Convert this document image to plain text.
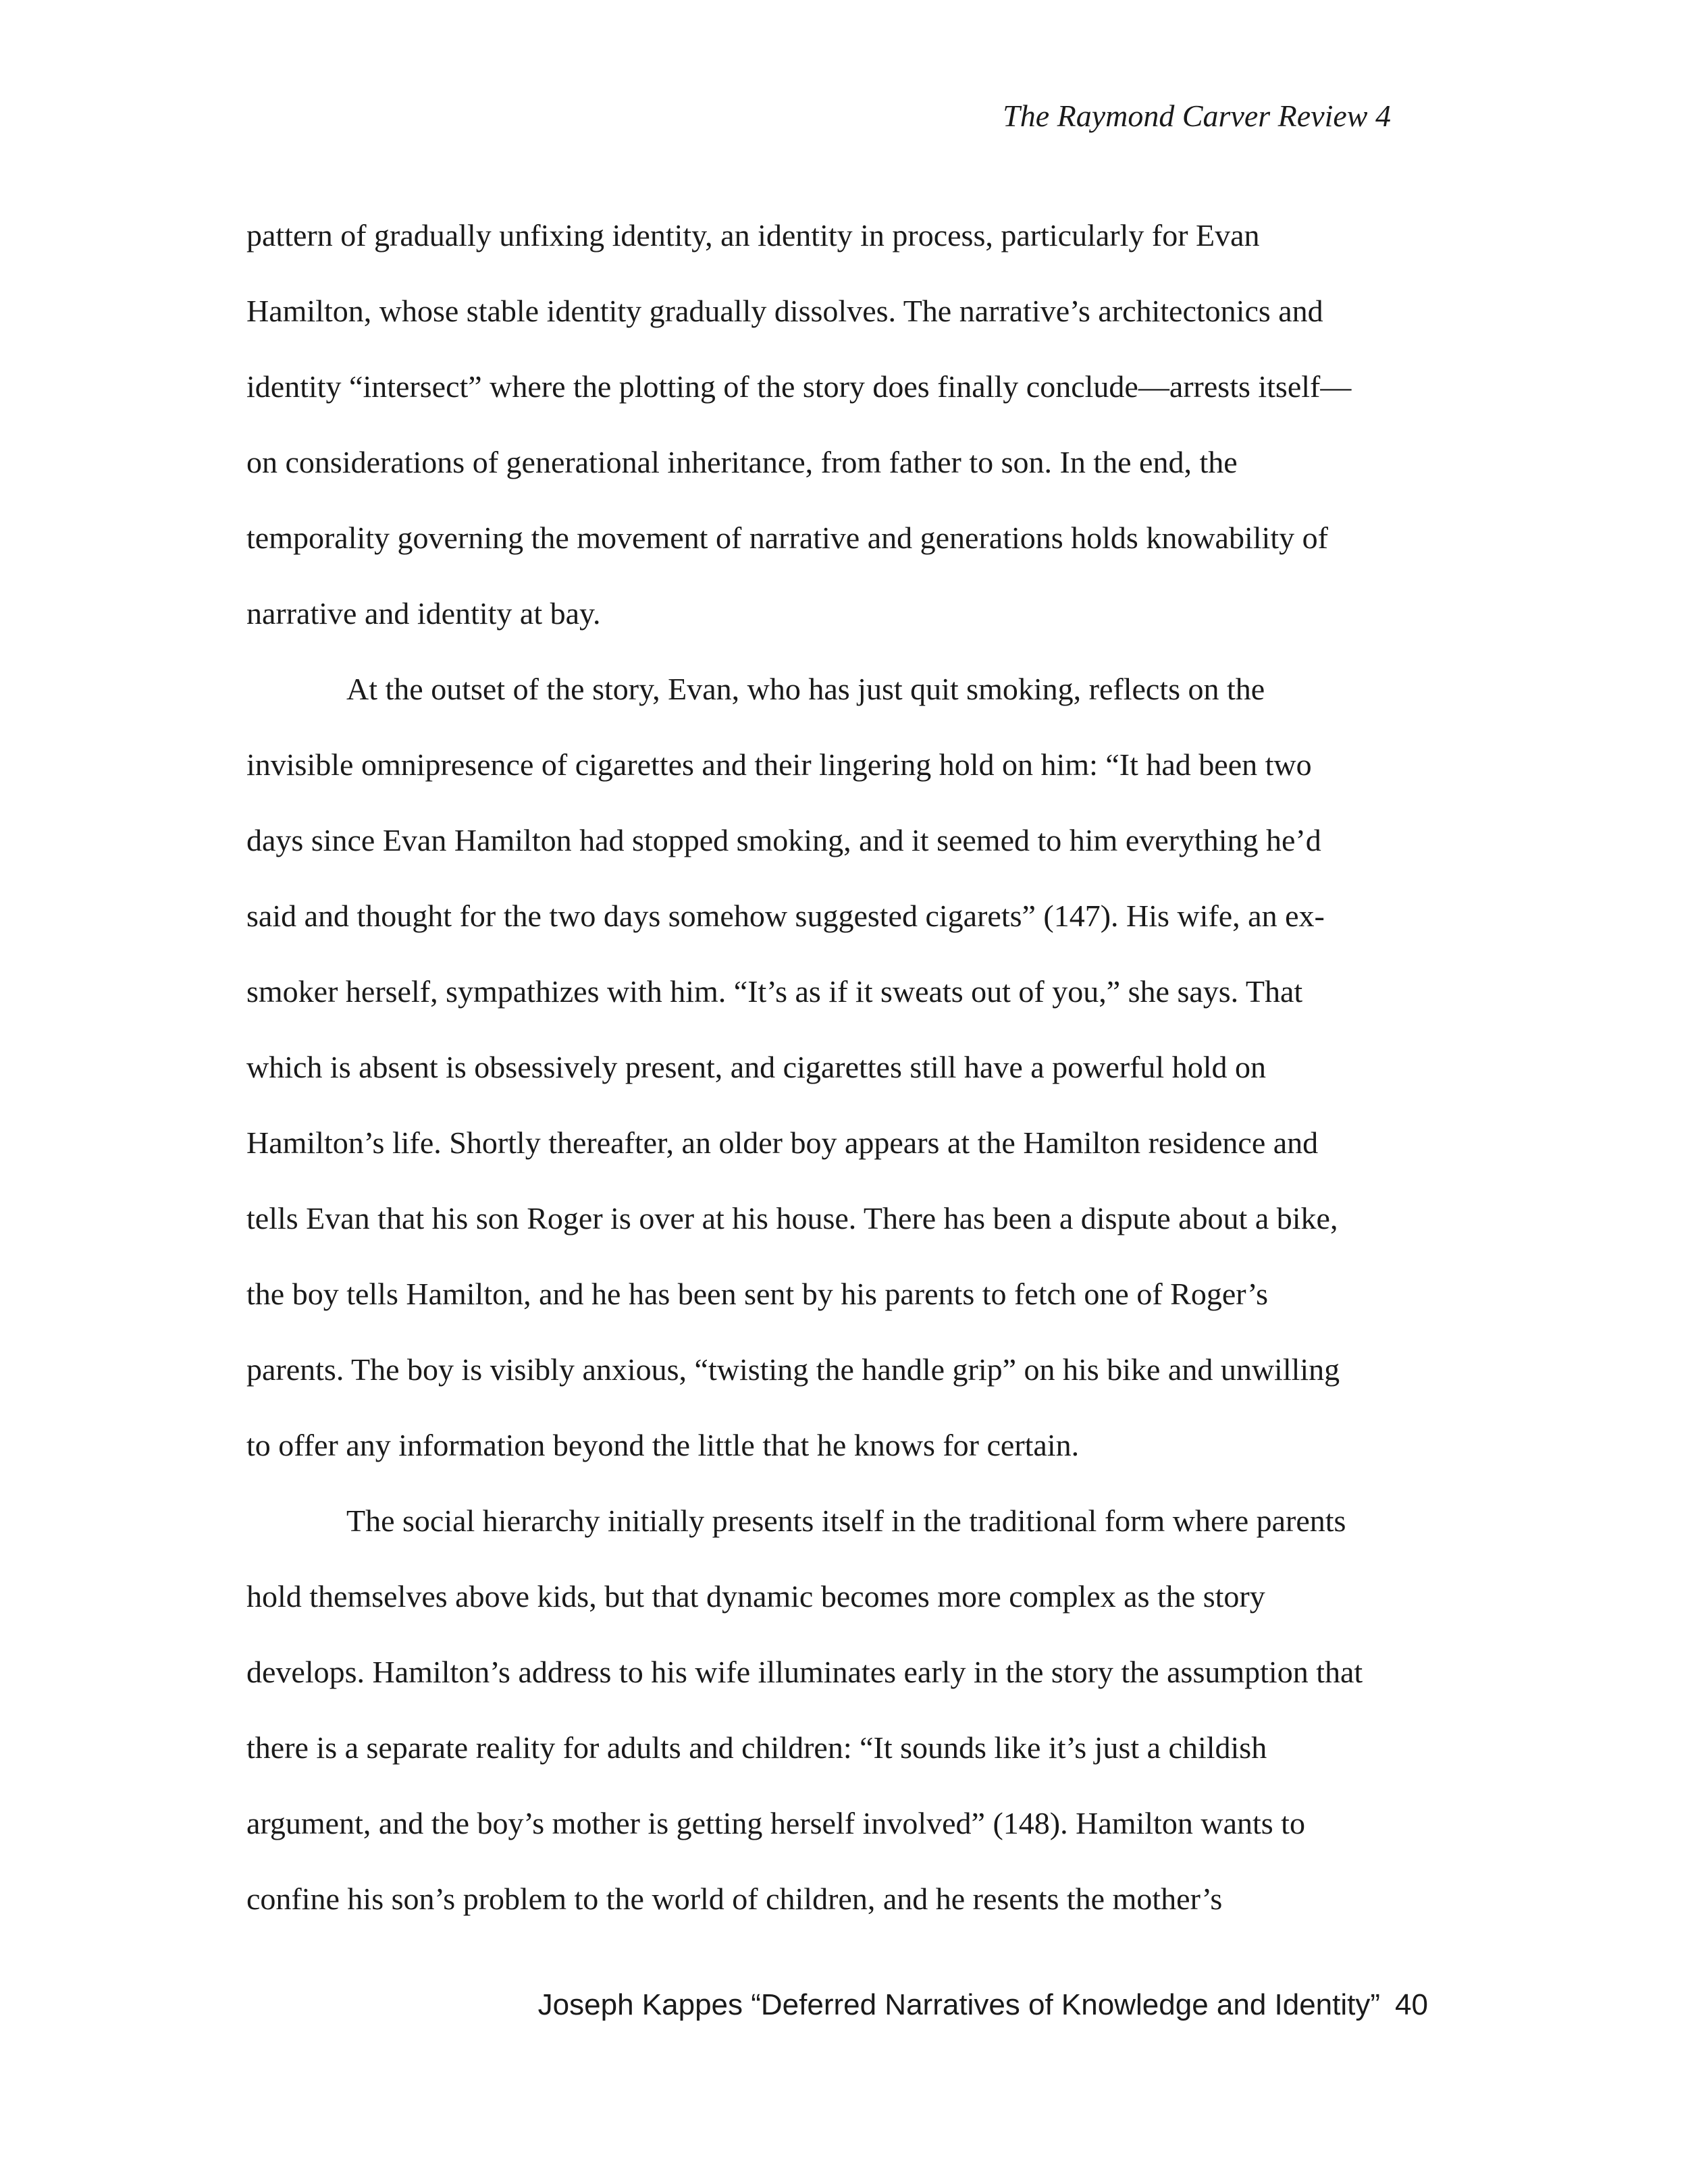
The Raymond Carver Review 4
pattern of gradually unfixing identity, an identity in process, particularly for Evan
Hamilton, whose stable identity gradually dissolves. The narrative’s architectonics and
identity “intersect” where the plotting of the story does finally conclude—arrests itself—
on considerations of generational inheritance, from father to son. In the end, the
temporality governing the movement of narrative and generations holds knowability of
narrative and identity at bay.
At the outset of the story, Evan, who has just quit smoking, reflects on the
invisible omnipresence of cigarettes and their lingering hold on him: “It had been two
days since Evan Hamilton had stopped smoking, and it seemed to him everything he’d
said and thought for the two days somehow suggested cigarets” (147). His wife, an ex-
smoker herself, sympathizes with him. “It’s as if it sweats out of you,” she says. That
which is absent is obsessively present, and cigarettes still have a powerful hold on
Hamilton’s life. Shortly thereafter, an older boy appears at the Hamilton residence and
tells Evan that his son Roger is over at his house. There has been a dispute about a bike,
the boy tells Hamilton, and he has been sent by his parents to fetch one of Roger’s
parents. The boy is visibly anxious, “twisting the handle grip” on his bike and unwilling
to offer any information beyond the little that he knows for certain.
The social hierarchy initially presents itself in the traditional form where parents
hold themselves above kids, but that dynamic becomes more complex as the story
develops. Hamilton’s address to his wife illuminates early in the story the assumption that
there is a separate reality for adults and children: “It sounds like it’s just a childish
argument, and the boy’s mother is getting herself involved” (148). Hamilton wants to
confine his son’s problem to the world of children, and he resents the mother’s
Joseph Kappes “Deferred Narratives of Knowledge and Identity” 40
